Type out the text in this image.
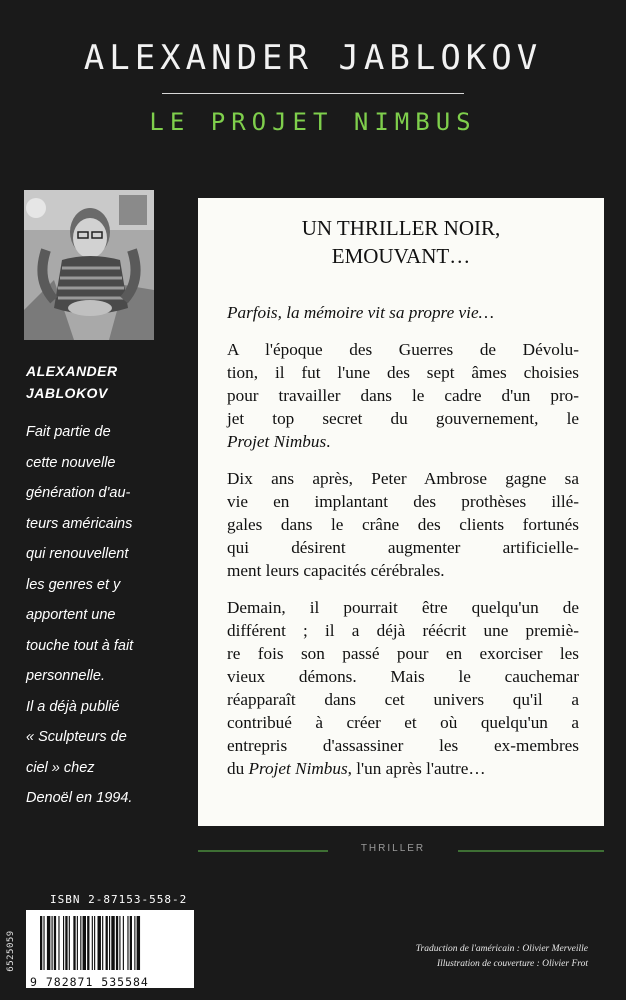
ALEXANDER JABLOKOV
LE PROJET NIMBUS
ALEXANDER
JABLOKOV
Fait partie de
cette nouvelle
génération d'au-
teurs américains
qui renouvellent
les genres et y
apportent une
touche tout à fait
personnelle.
Il a déjà publié
« Sculpteurs de
ciel » chez
Denoël en 1994.
UN THRILLER NOIR,
EMOUVANT…
Parfois, la mémoire vit sa propre vie…
A l'époque des Guerres de Dévolu-
tion, il fut l'une des sept âmes choisies
pour travailler dans le cadre d'un pro-
jet top secret du gouvernement, le
Projet Nimbus.
Dix ans après, Peter Ambrose gagne sa
vie en implantant des prothèses illé-
gales dans le crâne des clients fortunés
qui désirent augmenter artificielle-
ment leurs capacités cérébrales.
Demain, il pourrait être quelqu'un de
différent ; il a déjà réécrit une premiè-
re fois son passé pour en exorciser les
vieux démons. Mais le cauchemar
réapparaît dans cet univers qu'il a
contribué à créer et où quelqu'un a
entrepris d'assassiner les ex-membres
du Projet Nimbus, l'un après l'autre…
THRILLER
ISBN 2-87153-558-2
6525059
9 782871 535584
Traduction de l'américain : Olivier Merveille
Illustration de couverture : Olivier Frot
